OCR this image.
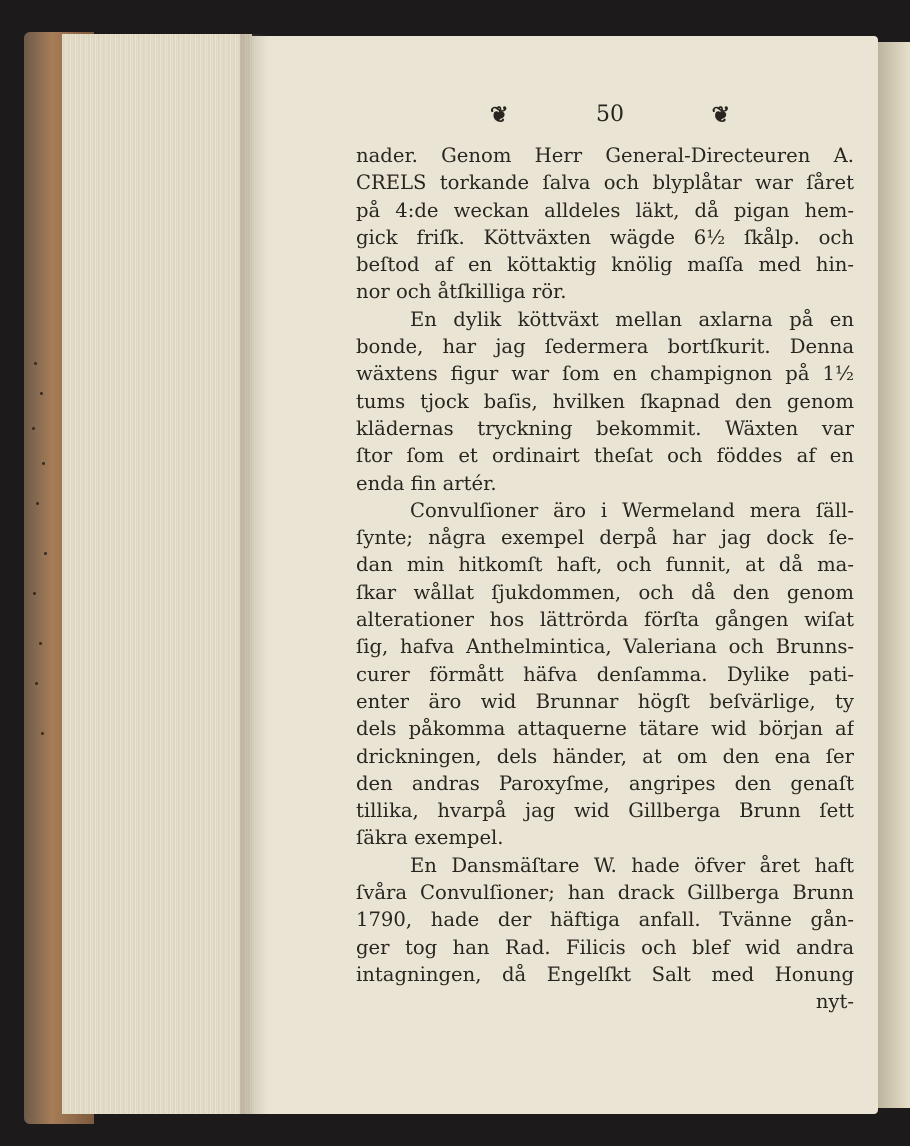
❦	50	❦
nader. Genom Herr General-Directeuren A.
CRELS torkande ſalva och blyplåtar war ſåret
på 4:de weckan alldeles läkt, då pigan hem-
gick friſk. Köttväxten wägde 6½ ſkålp. och
beſtod af en köttaktig knölig maſſa med hin-
nor och åtſkilliga rör.
En dylik köttväxt mellan axlarna på en
bonde, har jag ſedermera bortſkurit. Denna
wäxtens figur war ſom en champignon på 1½
tums tjock baſis, hvilken ſkapnad den genom
klädernas tryckning bekommit. Wäxten var
ſtor ſom et ordinairt theſat och föddes af en
enda fin artér.
Convulſioner äro i Wermeland mera ſäll-
ſynte; några exempel derpå har jag dock ſe-
dan min hitkomſt haft, och funnit, at då ma-
ſkar wållat ſjukdommen, och då den genom
alterationer hos lättrörda förſta gången wiſat
ſig, hafva Anthelmintica, Valeriana och Brunns-
curer förmått häfva denſamma. Dylike pati-
enter äro wid Brunnar högſt beſvärlige, ty
dels påkomma attaquerne tätare wid början af
drickningen, dels händer, at om den ena ſer
den andras Paroxyſme, angripes den genaſt
tillika, hvarpå jag wid Gillberga Brunn ſett
ſäkra exempel.
En Dansmäſtare W. hade öfver året haft
ſvåra Convulſioner; han drack Gillberga Brunn
1790, hade der häftiga anfall. Tvänne gån-
ger tog han Rad. Filicis och blef wid andra
intagningen, då Engelſkt Salt med Honung
nyt-
